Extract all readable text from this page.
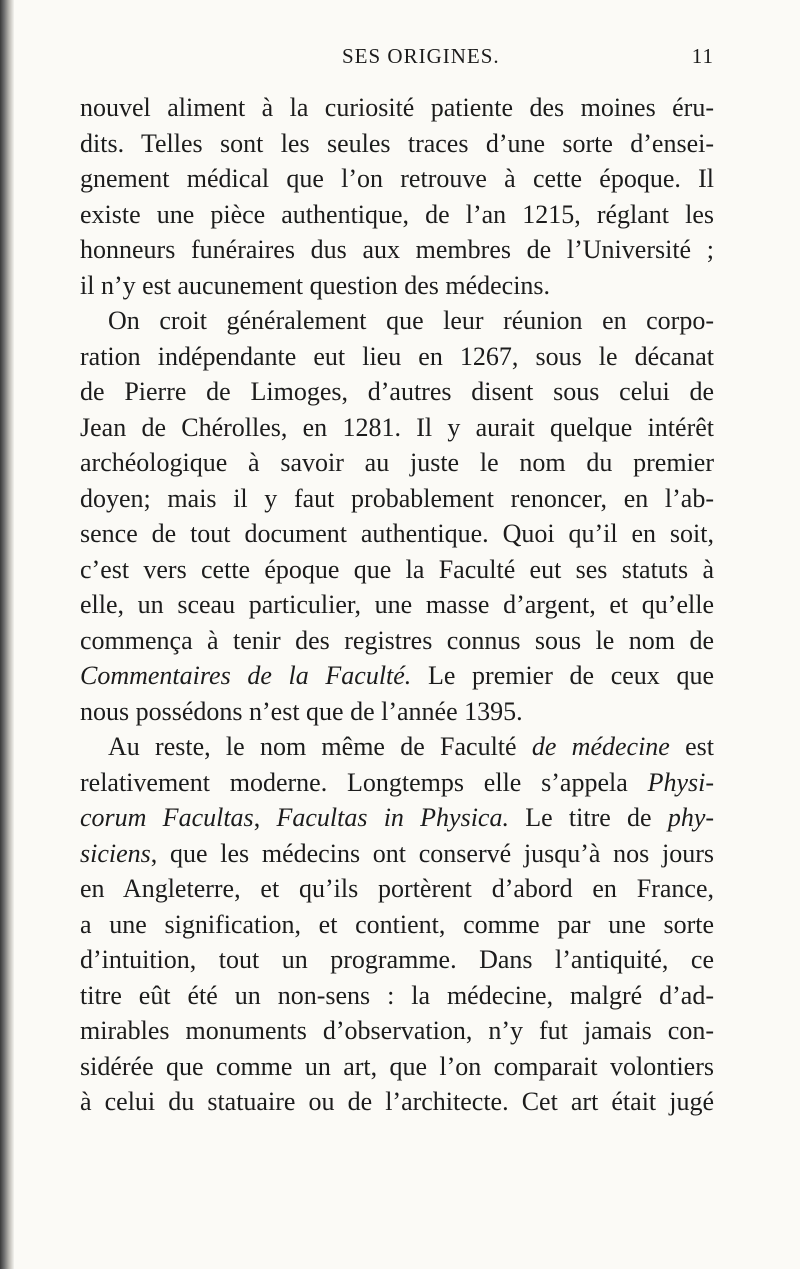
SES ORIGINES.	11
nouvel aliment à la curiosité patiente des moines éru-
dits. Telles sont les seules traces d’une sorte d’ensei-
gnement médical que l’on retrouve à cette époque. Il
existe une pièce authentique, de l’an 1215, réglant les
honneurs funéraires dus aux membres de l’Université ;
il n’y est aucunement question des médecins.
On croit généralement que leur réunion en corpo-
ration indépendante eut lieu en 1267, sous le décanat
de Pierre de Limoges, d’autres disent sous celui de
Jean de Chérolles, en 1281. Il y aurait quelque intérêt
archéologique à savoir au juste le nom du premier
doyen; mais il y faut probablement renoncer, en l’ab-
sence de tout document authentique. Quoi qu’il en soit,
c’est vers cette époque que la Faculté eut ses statuts à
elle, un sceau particulier, une masse d’argent, et qu’elle
commença à tenir des registres connus sous le nom de
Commentaires de la Faculté. Le premier de ceux que
nous possédons n’est que de l’année 1395.
Au reste, le nom même de Faculté de médecine est
relativement moderne. Longtemps elle s’appela Physi-
corum Facultas, Facultas in Physica. Le titre de phy-
siciens, que les médecins ont conservé jusqu’à nos jours
en Angleterre, et qu’ils portèrent d’abord en France,
a une signification, et contient, comme par une sorte
d’intuition, tout un programme. Dans l’antiquité, ce
titre eût été un non-sens : la médecine, malgré d’ad-
mirables monuments d’observation, n’y fut jamais con-
sidérée que comme un art, que l’on comparait volontiers
à celui du statuaire ou de l’architecte. Cet art était jugé
